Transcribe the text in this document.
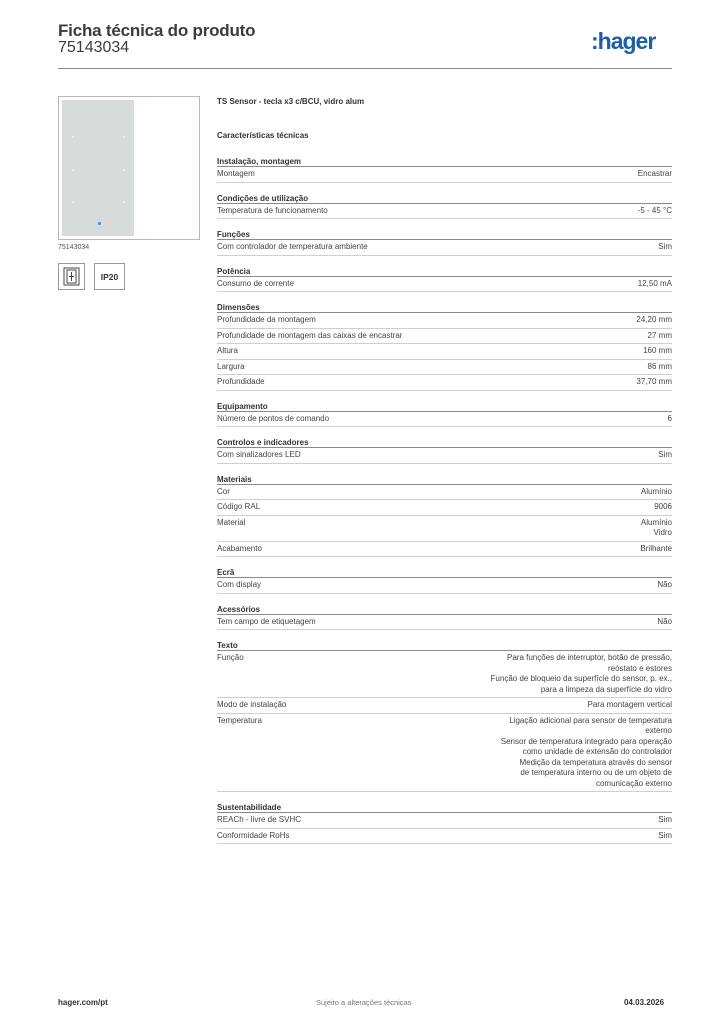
Ficha técnica do produto
75143034	:hager
75143034
IP20
TS Sensor - tecla x3 c/BCU, vidro alum
Características técnicas
Instalação, montagem
Montagem	Encastrar
Condições de utilização
Temperatura de funcionamento	-5 - 45 °C
Funções
Com controlador de temperatura ambiente	Sim
Potência
Consumo de corrente	12,50 mA
Dimensões
Profundidade da montagem	24,20 mm
Profundidade de montagem das caixas de encastrar	27 mm
Altura	160 mm
Largura	86 mm
Profundidade	37,70 mm
Equipamento
Número de pontos de comando	6
Controlos e indicadores
Com sinalizadores LED	Sim
Materiais
Cor	Alumínio
Código RAL	9006
Material	Alumínio
Vidro
Acabamento	Brilhante
Ecrã
Com display	Não
Acessórios
Tem campo de etiquetagem	Não
Texto
Função	Para funções de interruptor, botão de pressão,
reóstato e estores
Função de bloqueio da superfície do sensor, p. ex.,
para a limpeza da superfície do vidro
Modo de instalação	Para montagem vertical
Temperatura	Ligação adicional para sensor de temperatura
externo
Sensor de temperatura integrado para operação
como unidade de extensão do controlador
Medição da temperatura através do sensor
de temperatura interno ou de um objeto de
comunicação externo
Sustentabilidade
REACh - livre de SVHC	Sim
Conformidade RoHs	Sim
hager.com/pt	Sujeito a alterações técnicas	04.03.2026
